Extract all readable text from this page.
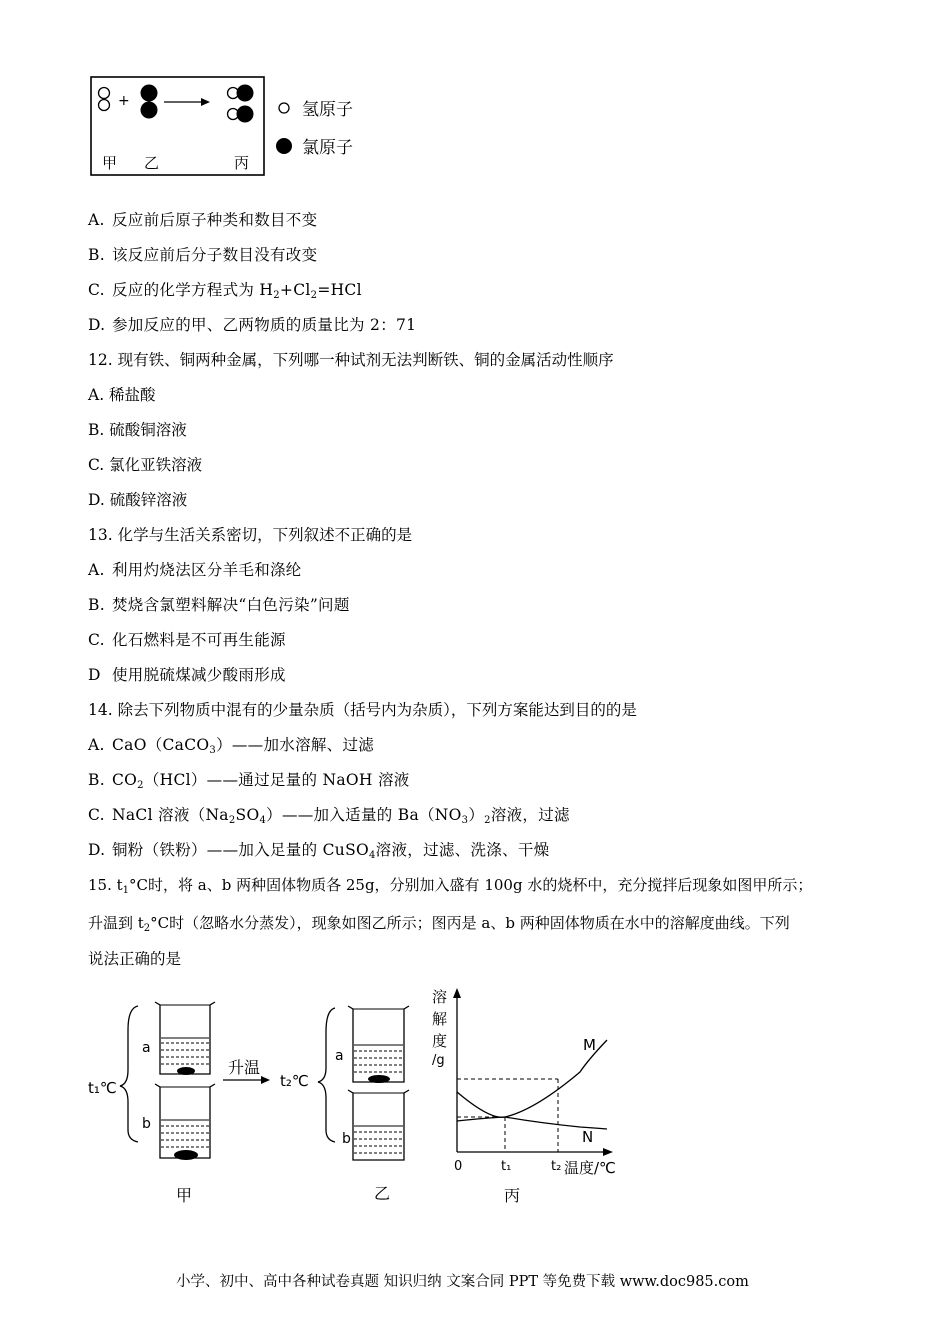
+
甲 乙	丙
氢原子
氯原子
A. 反应前后原子种类和数目不变
B. 该反应前后分子数目没有改变
C. 反应的化学方程式为 $H_2+Cl_2=HCl$
D. 参加反应的甲、乙两物质的质量比为 2：71
12. 现有铁、铜两种金属，下列哪一种试剂无法判断铁、铜的金属活动性顺序
A. 稀盐酸
B. 硫酸铜溶液
C. 氯化亚铁溶液
D. 硫酸锌溶液
13. 化学与生活关系密切，下列叙述不正确的是
A. 利用灼烧法区分羊毛和涤纶
B. 焚烧含氯塑料解决“白色污染”问题
C. 化石燃料是不可再生能源
D 使用脱硫煤减少酸雨形成
14. 除去下列物质中混有的少量杂质（括号内为杂质），下列方案能达到目的的是
A. CaO（CaCO$_3$）——加水溶解、过滤
B. $CO_2(HCl)——$通过足量的 NaOH 溶液
C. NaCl 溶液$(Na_2SO_4)——$加入适量的 $Ba(NO_3)_2$溶液，过滤
D. 铜粉（铁粉）——加入足量的 CuSO$_4$溶液，过滤、洗涤、干燥
15. $t_1^\circ C$时，将 a、b 两种固体物质各 25g，分别加入盛有 100g 水的烧杯中，充分搅拌后现象如图甲所示；
升温到 $t_2^\circ C$时（忽略水分蒸发），现象如图乙所示；图丙是 a、b 两种固体物质在水中的溶解度曲线。下列
说法正确的是
t₁℃
a
b
升温
t₂℃
a
b
溶
解
度
/g
M
N
0	t₁	t₂ 温度/℃
甲	乙	丙
小学、初中、高中各种试卷真题 知识归纳 文案合同 PPT 等免费下载 www.doc985.com
